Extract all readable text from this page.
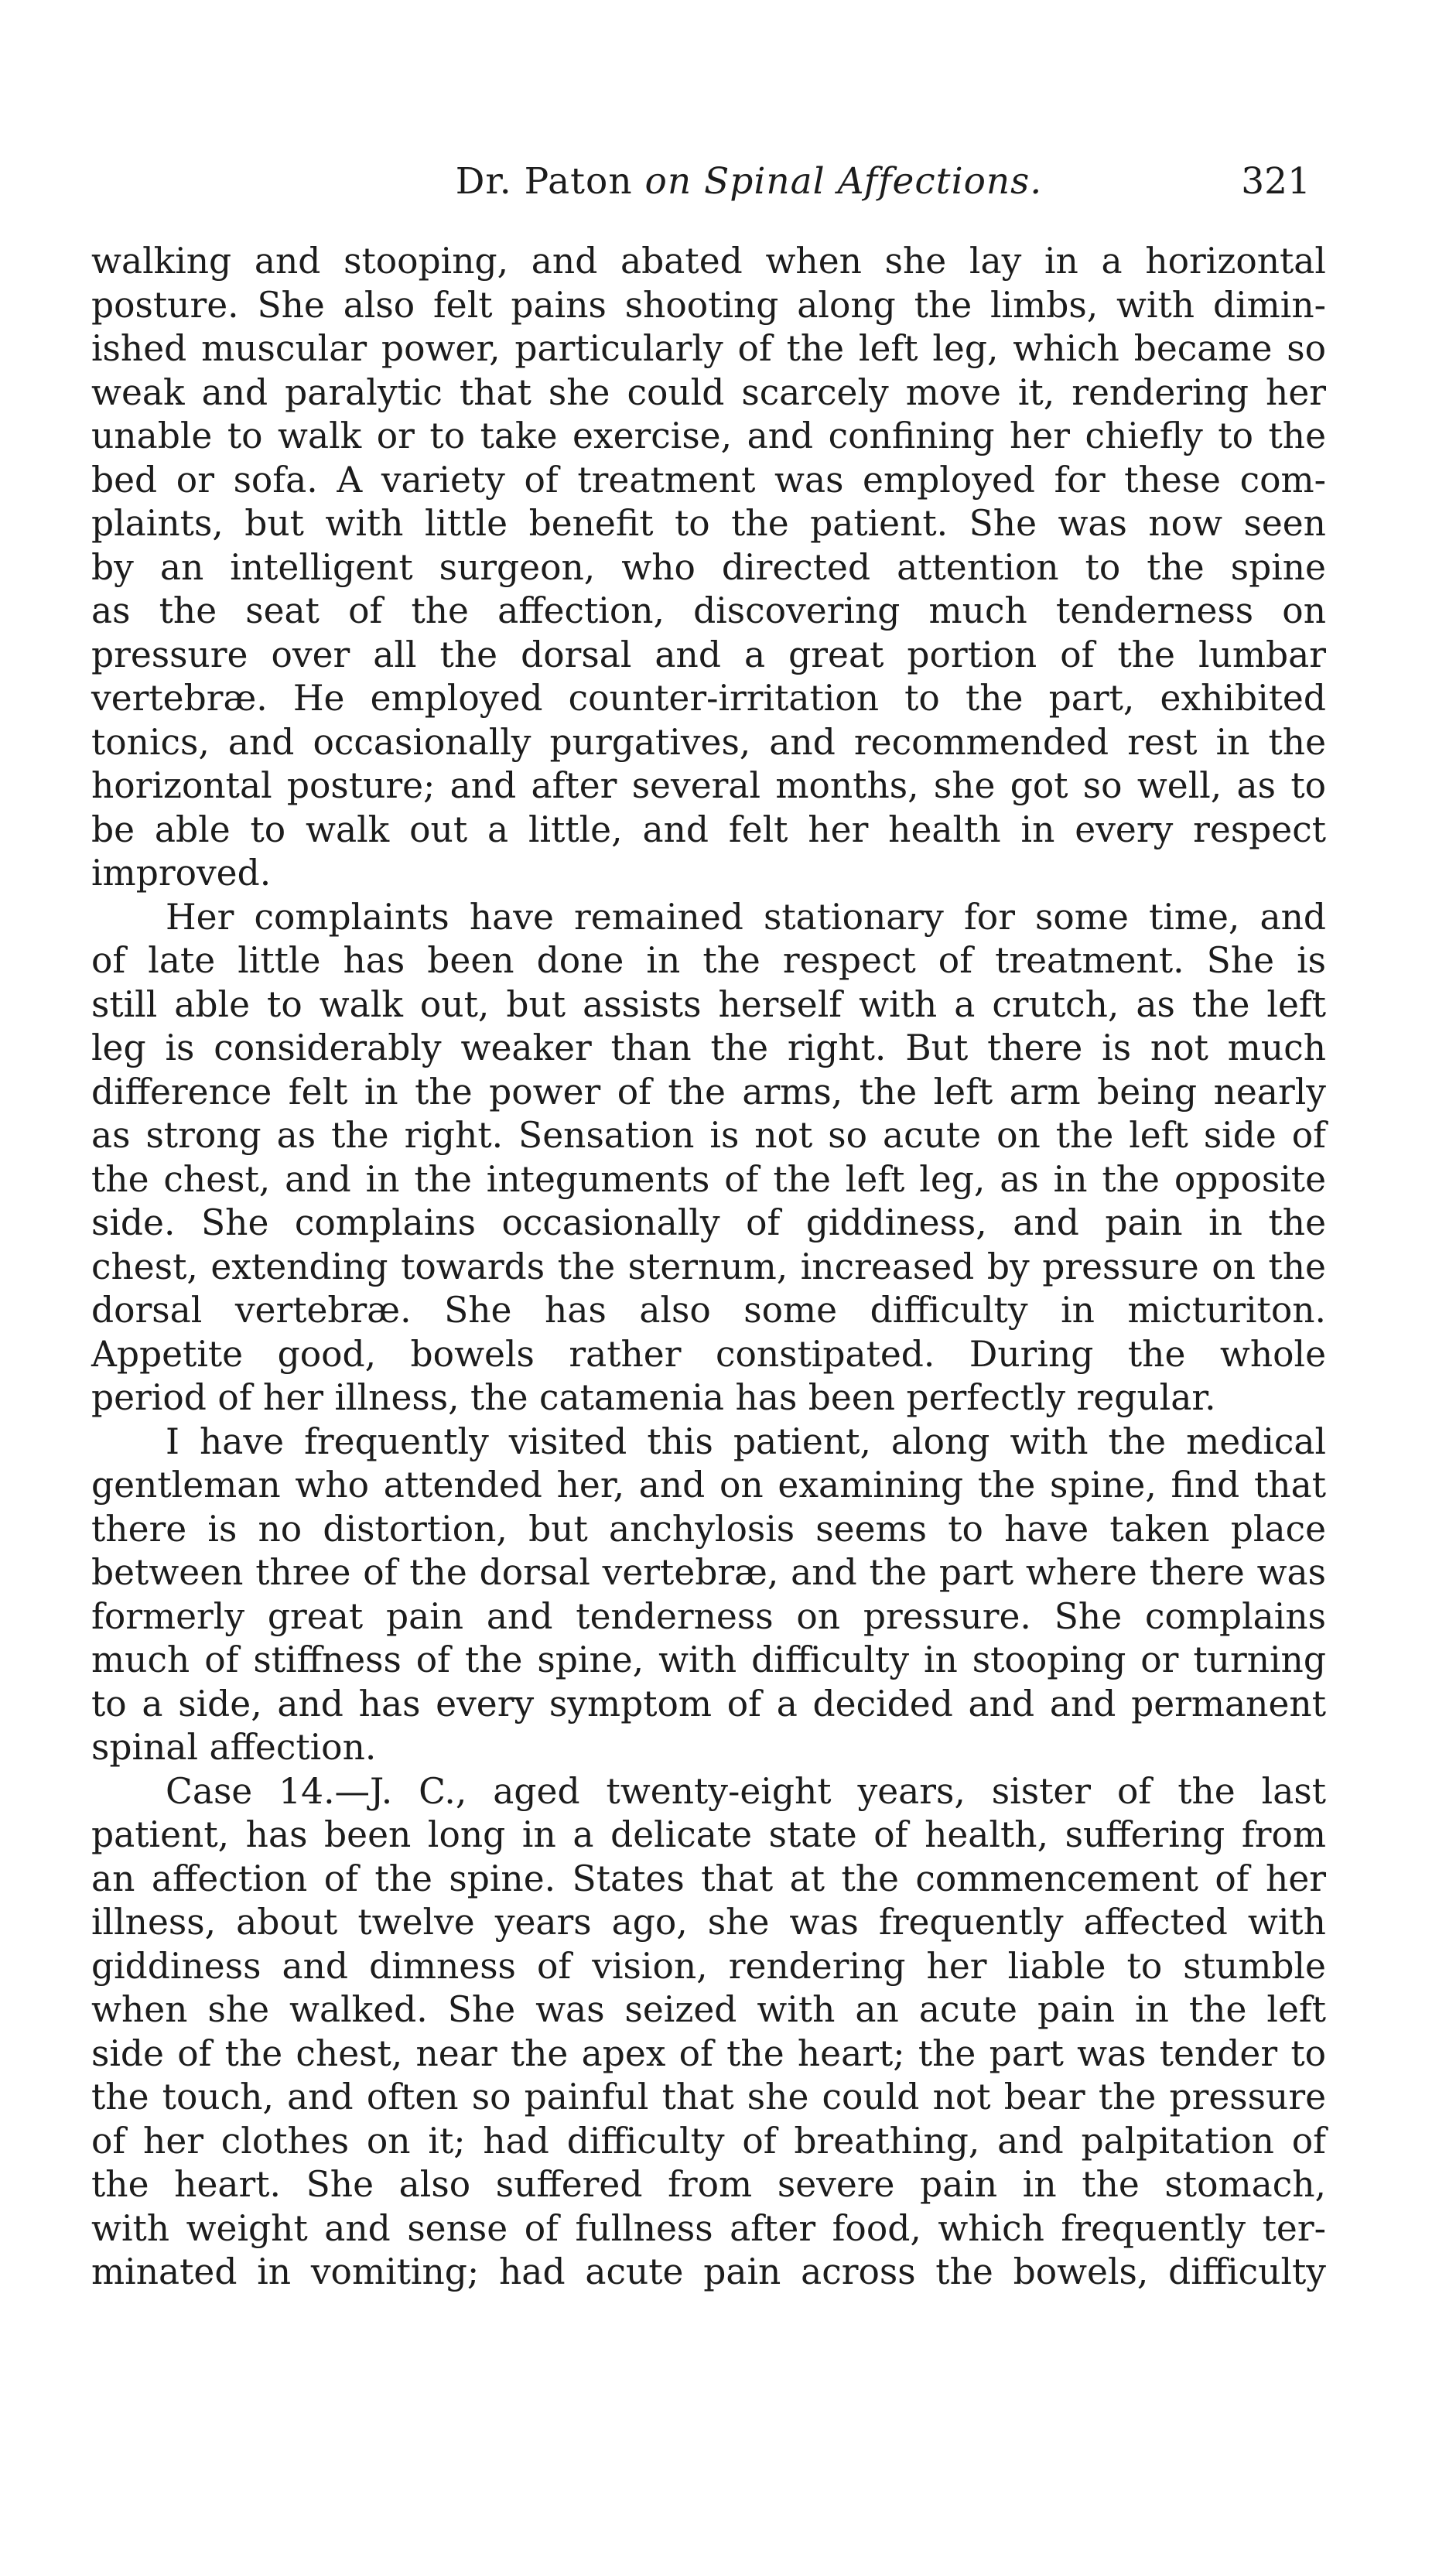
Dr. Paton on Spinal Affections.	321
walking and stooping, and abated when she lay in a horizontal
posture. She also felt pains shooting along the limbs, with dimin-
ished muscular power, particularly of the left leg, which became so
weak and paralytic that she could scarcely move it, rendering her
unable to walk or to take exercise, and confining her chiefly to the
bed or sofa. A variety of treatment was employed for these com-
plaints, but with little benefit to the patient. She was now seen
by an intelligent surgeon, who directed attention to the spine
as the seat of the affection, discovering much tenderness on
pressure over all the dorsal and a great portion of the lumbar
vertebræ. He employed counter-irritation to the part, exhibited
tonics, and occasionally purgatives, and recommended rest in the
horizontal posture; and after several months, she got so well, as to
be able to walk out a little, and felt her health in every respect
improved.
Her complaints have remained stationary for some time, and
of late little has been done in the respect of treatment. She is
still able to walk out, but assists herself with a crutch, as the left
leg is considerably weaker than the right. But there is not much
difference felt in the power of the arms, the left arm being nearly
as strong as the right. Sensation is not so acute on the left side of
the chest, and in the integuments of the left leg, as in the opposite
side. She complains occasionally of giddiness, and pain in the
chest, extending towards the sternum, increased by pressure on the
dorsal vertebræ. She has also some difficulty in micturiton.
Appetite good, bowels rather constipated. During the whole
period of her illness, the catamenia has been perfectly regular.
I have frequently visited this patient, along with the medical
gentleman who attended her, and on examining the spine, find that
there is no distortion, but anchylosis seems to have taken place
between three of the dorsal vertebræ, and the part where there was
formerly great pain and tenderness on pressure. She complains
much of stiffness of the spine, with difficulty in stooping or turning
to a side, and has every symptom of a decided and and permanent
spinal affection.
Case 14.—J. C., aged twenty-eight years, sister of the last
patient, has been long in a delicate state of health, suffering from
an affection of the spine. States that at the commencement of her
illness, about twelve years ago, she was frequently affected with
giddiness and dimness of vision, rendering her liable to stumble
when she walked. She was seized with an acute pain in the left
side of the chest, near the apex of the heart; the part was tender to
the touch, and often so painful that she could not bear the pressure
of her clothes on it; had difficulty of breathing, and palpitation of
the heart. She also suffered from severe pain in the stomach,
with weight and sense of fullness after food, which frequently ter-
minated in vomiting; had acute pain across the bowels, difficulty
